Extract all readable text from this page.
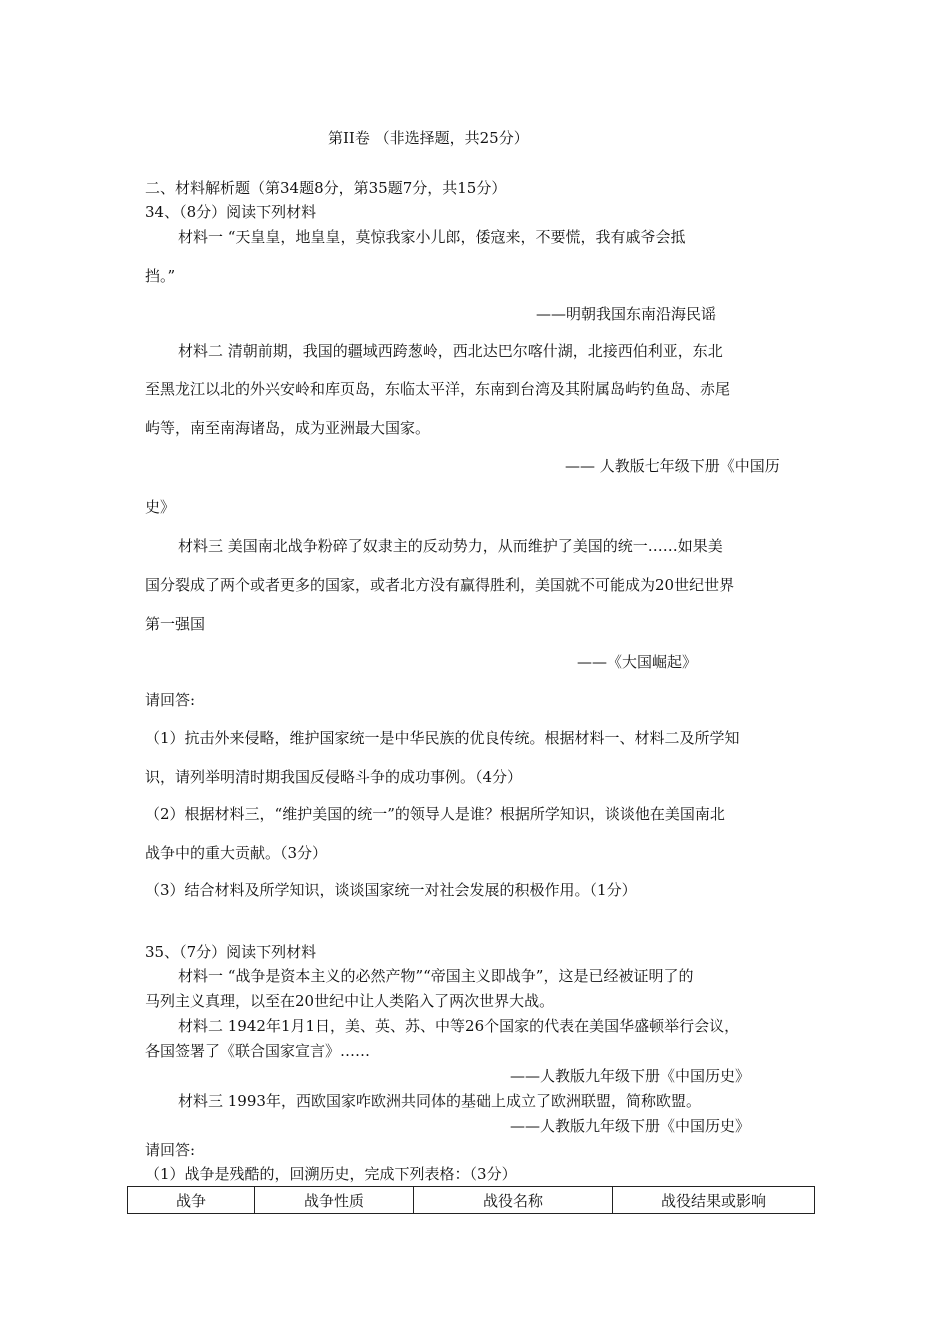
第II卷 （非选择题，共25分）
二、材料解析题（第34题8分，第35题7分，共15分）
34、（8分）阅读下列材料
材料一 “天皇皇，地皇皇，莫惊我家小儿郎，倭寇来，不要慌，我有戚爷会抵
挡。”
——明朝我国东南沿海民谣
材料二 清朝前期，我国的疆域西跨葱岭，西北达巴尔喀什湖，北接西伯利亚，东北
至黑龙江以北的外兴安岭和库页岛，东临太平洋，东南到台湾及其附属岛屿钓鱼岛、赤尾
屿等，南至南海诸岛，成为亚洲最大国家。
—— 人教版七年级下册《中国历
史》
材料三 美国南北战争粉碎了奴隶主的反动势力，从而维护了美国的统一……如果美
国分裂成了两个或者更多的国家，或者北方没有赢得胜利，美国就不可能成为20世纪世界
第一强国
——《大国崛起》
请回答:
（1）抗击外来侵略，维护国家统一是中华民族的优良传统。根据材料一、材料二及所学知
识，请列举明清时期我国反侵略斗争的成功事例。（4分）
（2）根据材料三，“维护美国的统一”的领导人是谁？根据所学知识，谈谈他在美国南北
战争中的重大贡献。（3分）
（3）结合材料及所学知识，谈谈国家统一对社会发展的积极作用。（1分）
35、（7分）阅读下列材料
材料一 “战争是资本主义的必然产物”“帝国主义即战争”，这是已经被证明了的
马列主义真理，以至在20世纪中让人类陷入了两次世界大战。
材料二 1942年1月1日，美、英、苏、中等26个国家的代表在美国华盛顿举行会议，
各国签署了《联合国家宣言》……
——人教版九年级下册《中国历史》
材料三 1993年，西欧国家咋欧洲共同体的基础上成立了欧洲联盟，简称欧盟。
——人教版九年级下册《中国历史》
请回答:
（1）战争是残酷的，回溯历史，完成下列表格：（3分）
战争	战争性质	战役名称	战役结果或影响
